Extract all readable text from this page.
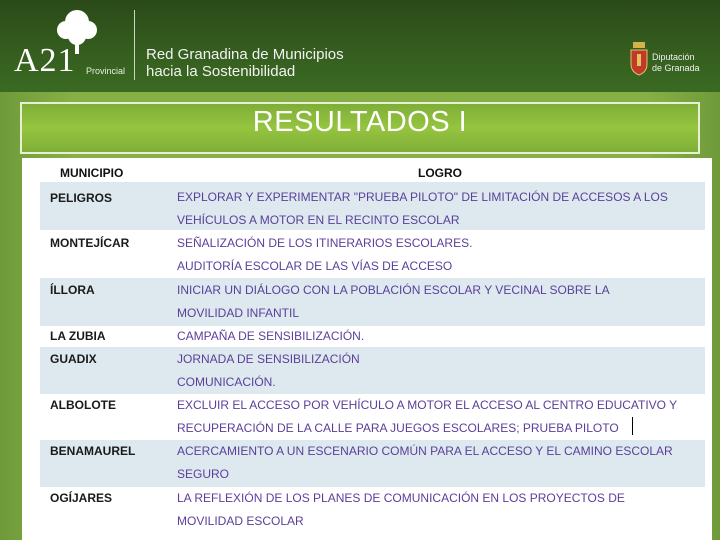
A21 Provincial
Red Granadina de Municipios
hacia la Sostenibilidad
Diputación
de Granada
RESULTADOS I
MUNICIPIO	LOGRO
PELIGROS	EXPLORAR Y EXPERIMENTAR "PRUEBA PILOTO" DE LIMITACIÓN DE ACCESOS A LOS
VEHÍCULOS A MOTOR EN EL RECINTO ESCOLAR
MONTEJÍCAR	SEÑALIZACIÓN DE LOS ITINERARIOS ESCOLARES.
AUDITORÍA ESCOLAR DE LAS VÍAS DE ACCESO
ÍLLORA	INICIAR UN DIÁLOGO CON LA POBLACIÓN ESCOLAR Y VECINAL SOBRE LA
MOVILIDAD INFANTIL
LA ZUBIA	CAMPAÑA DE SENSIBILIZACIÓN.
GUADIX	JORNADA DE SENSIBILIZACIÓN
COMUNICACIÓN.
ALBOLOTE	EXCLUIR EL ACCESO POR VEHÍCULO A MOTOR EL ACCESO AL CENTRO EDUCATIVO Y
RECUPERACIÓN DE LA CALLE PARA JUEGOS ESCOLARES; PRUEBA PILOTO
BENAMAUREL	ACERCAMIENTO A UN ESCENARIO COMÚN PARA EL ACCESO Y EL CAMINO ESCOLAR
SEGURO
OGÍJARES	LA REFLEXIÓN DE LOS PLANES DE COMUNICACIÓN EN LOS PROYECTOS DE
MOVILIDAD ESCOLAR
